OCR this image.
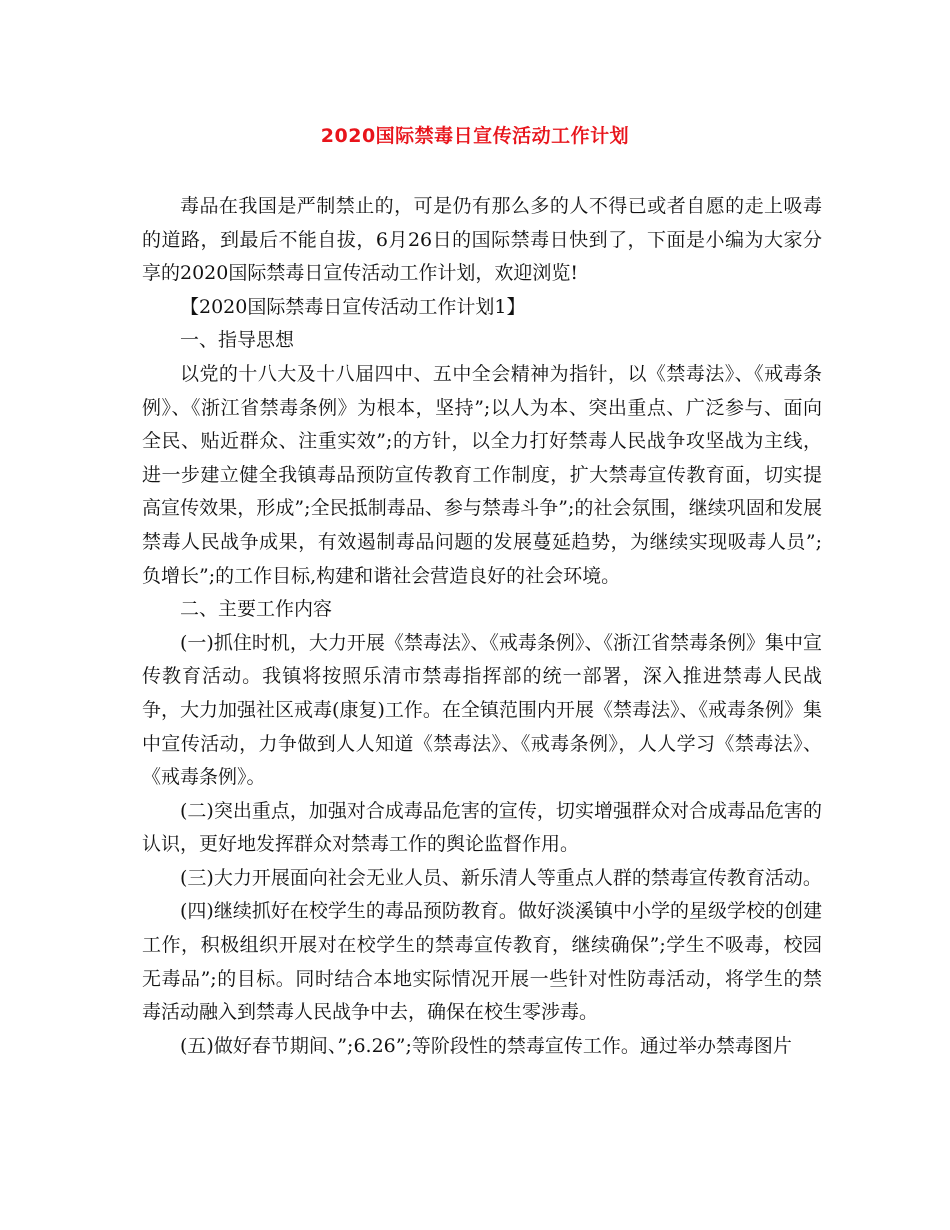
2020国际禁毒日宣传活动工作计划

毒品在我国是严制禁止的，可是仍有那么多的人不得已或者自愿的走上吸毒的道路，到最后不能自拔，6月26日的国际禁毒日快到了，下面是小编为大家分享的2020国际禁毒日宣传活动工作计划，欢迎浏览!

【2020国际禁毒日宣传活动工作计划1】

一、指导思想

以党的十八大及十八届四中、五中全会精神为指针，以《禁毒法》、《戒毒条例》、《浙江省禁毒条例》为根本，坚持”;以人为本、突出重点、广泛参与、面向全民、贴近群众、注重实效”;的方针，以全力打好禁毒人民战争攻坚战为主线，进一步建立健全我镇毒品预防宣传教育工作制度，扩大禁毒宣传教育面，切实提高宣传效果，形成”;全民抵制毒品、参与禁毒斗争”;的社会氛围，继续巩固和发展禁毒人民战争成果，有效遏制毒品问题的发展蔓延趋势，为继续实现吸毒人员”;负增长”;的工作目标,构建和谐社会营造良好的社会环境。

二、主要工作内容

(一)抓住时机，大力开展《禁毒法》、《戒毒条例》、《浙江省禁毒条例》集中宣传教育活动。我镇将按照乐清市禁毒指挥部的统一部署，深入推进禁毒人民战争，大力加强社区戒毒(康复)工作。在全镇范围内开展《禁毒法》、《戒毒条例》集中宣传活动，力争做到人人知道《禁毒法》、《戒毒条例》，人人学习《禁毒法》、《戒毒条例》。

(二)突出重点，加强对合成毒品危害的宣传，切实增强群众对合成毒品危害的认识，更好地发挥群众对禁毒工作的舆论监督作用。

(三)大力开展面向社会无业人员、新乐清人等重点人群的禁毒宣传教育活动。

(四)继续抓好在校学生的毒品预防教育。做好淡溪镇中小学的星级学校的创建工作，积极组织开展对在校学生的禁毒宣传教育，继续确保”;学生不吸毒，校园无毒品”;的目标。同时结合本地实际情况开展一些针对性防毒活动，将学生的禁毒活动融入到禁毒人民战争中去，确保在校生零涉毒。

(五)做好春节期间、”;6.26”;等阶段性的禁毒宣传工作。通过举办禁毒图片
